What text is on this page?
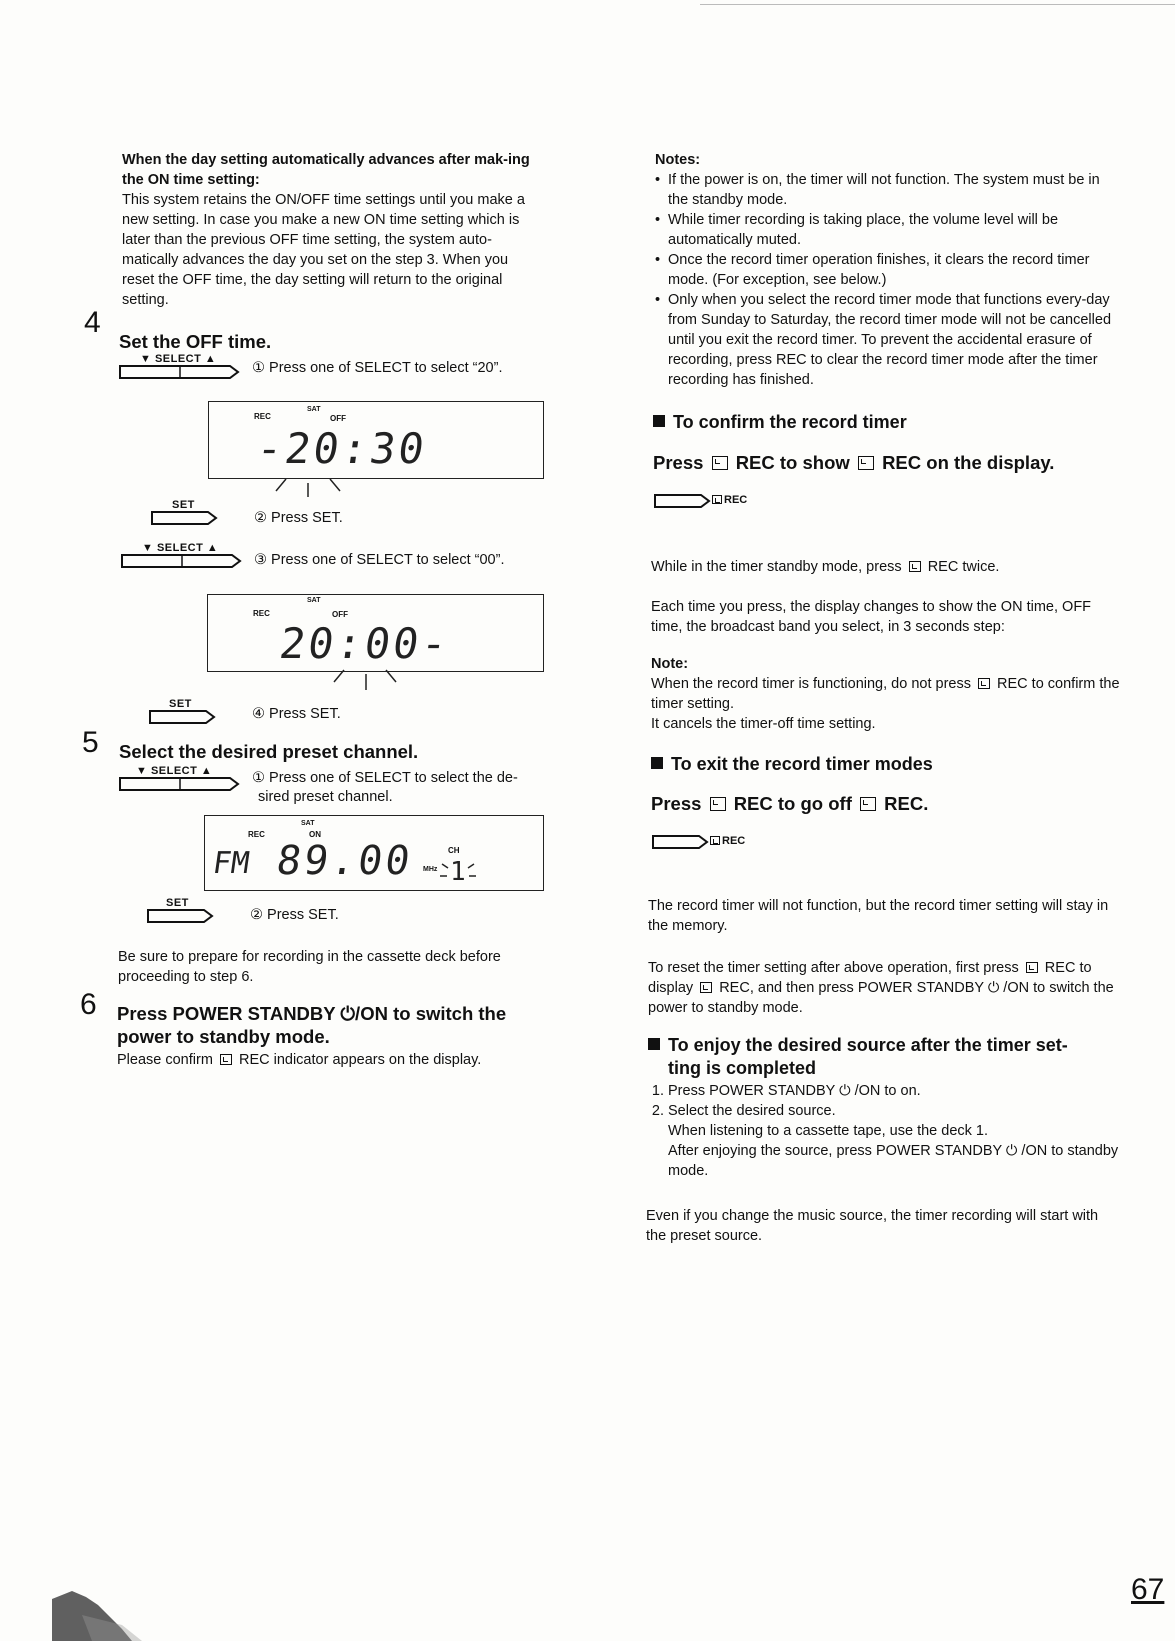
When the day setting automatically advances after mak-ing the ON time setting:
This system retains the ON/OFF time settings until you make a new setting. In case you make a new ON time setting which is later than the previous OFF time setting, the system auto-matically advances the day you set on the step 3. When you reset the OFF time, the day setting will return to the original setting.
4
Set the OFF time.
▼ SELECT ▲
① Press one of SELECT to select “20”.
REC
SAT
OFF
-20:30
SET
② Press SET.
▼ SELECT ▲
③ Press one of SELECT to select “00”.
REC
SAT
OFF
20:00-
SET
④ Press SET.
5 Select the desired preset channel.
▼ SELECT ▲	① Press one of SELECT to select the de-
sired preset channel.
SAT
REC	ON
FM 89.00 MHz
CH
1
SET
② Press SET.
Be sure to prepare for recording in the cassette deck before proceeding to step 6.
6 Press POWER STANDBY ⏻/ON to switch the
power to standby mode.
Please confirm REC indicator appears on the display.
Notes:
• If the power is on, the timer will not function. The system must be in the standby mode.
• While timer recording is taking place, the volume level will be automatically muted.
• Once the record timer operation finishes, it clears the record timer mode. (For exception, see below.)
• Only when you select the record timer mode that functions every-day from Sunday to Saturday, the record timer mode will not be cancelled until you exit the record timer. To prevent the accidental erasure of recording, press REC to clear the record timer mode after the timer recording has finished.
To confirm the record timer
Press REC to show REC on the display.
REC
While in the timer standby mode, press REC twice.
Each time you press, the display changes to show the ON time, OFF time, the broadcast band you select, in 3 seconds step:
Note:
When the record timer is functioning, do not press REC to confirm the timer setting.
It cancels the timer-off time setting.
To exit the record timer modes
Press REC to go off REC.
REC
The record timer will not function, but the record timer setting will stay in the memory.
To reset the timer setting after above operation, first press REC to display REC, and then press POWER STANDBY ⏻ /ON to switch the power to standby mode.
To enjoy the desired source after the timer set-
ting is completed
1. Press POWER STANDBY ⏻ /ON to on.
2. Select the desired source.
When listening to a cassette tape, use the deck 1.
After enjoying the source, press POWER STANDBY ⏻ /ON to standby mode.
Even if you change the music source, the timer recording will start with the preset source.
67
